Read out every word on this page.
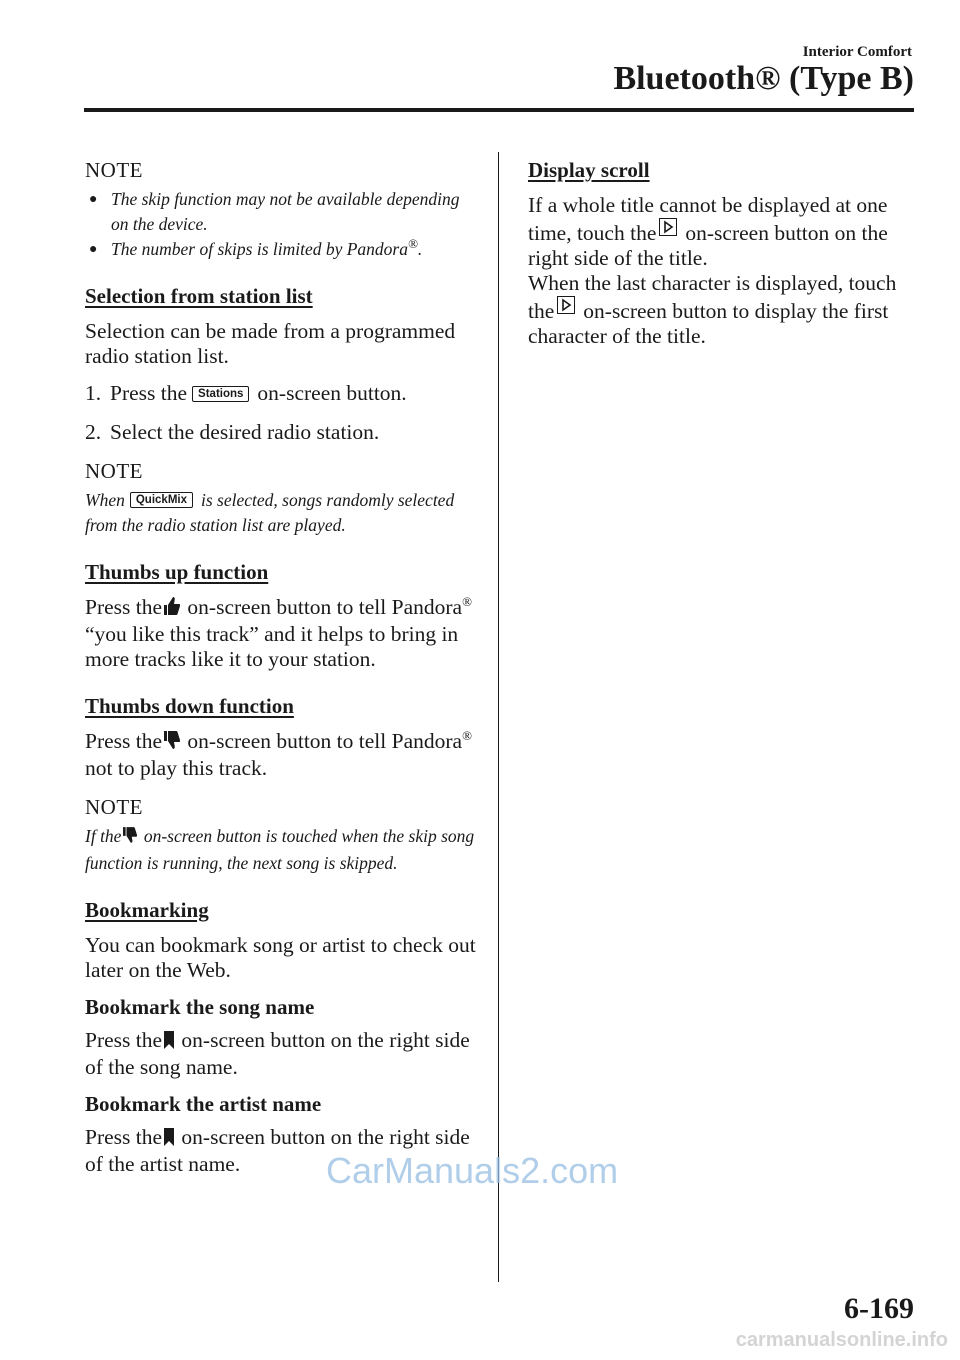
Interior Comfort
Bluetooth® (Type B)

NOTE

● The skip function may not be available depending on the device.

● The number of skips is limited by Pandora®.

Selection from station list

Selection can be made from a programmed radio station list.

1. Press the Stations on-screen button.

2. Select the desired radio station.

NOTE

When QuickMix is selected, songs randomly selected from the radio station list are played.

Thumbs up function

Press the on-screen button to tell Pandora® “you like this track” and it helps to bring in more tracks like it to your station.

Thumbs down function

Press the on-screen button to tell Pandora® not to play this track.

NOTE

If the on-screen button is touched when the skip song function is running, the next song is skipped.

Bookmarking

You can bookmark song or artist to check out later on the Web.

Bookmark the song name

Press the on-screen button on the right side of the song name.

Bookmark the artist name

Press the on-screen button on the right side of the artist name.

Display scroll

If a whole title cannot be displayed at one time, touch the on-screen button on the right side of the title.

When the last character is displayed, touch the on-screen button to display the first character of the title.

6-169
CarManuals2.com
carmanualsonline.info
